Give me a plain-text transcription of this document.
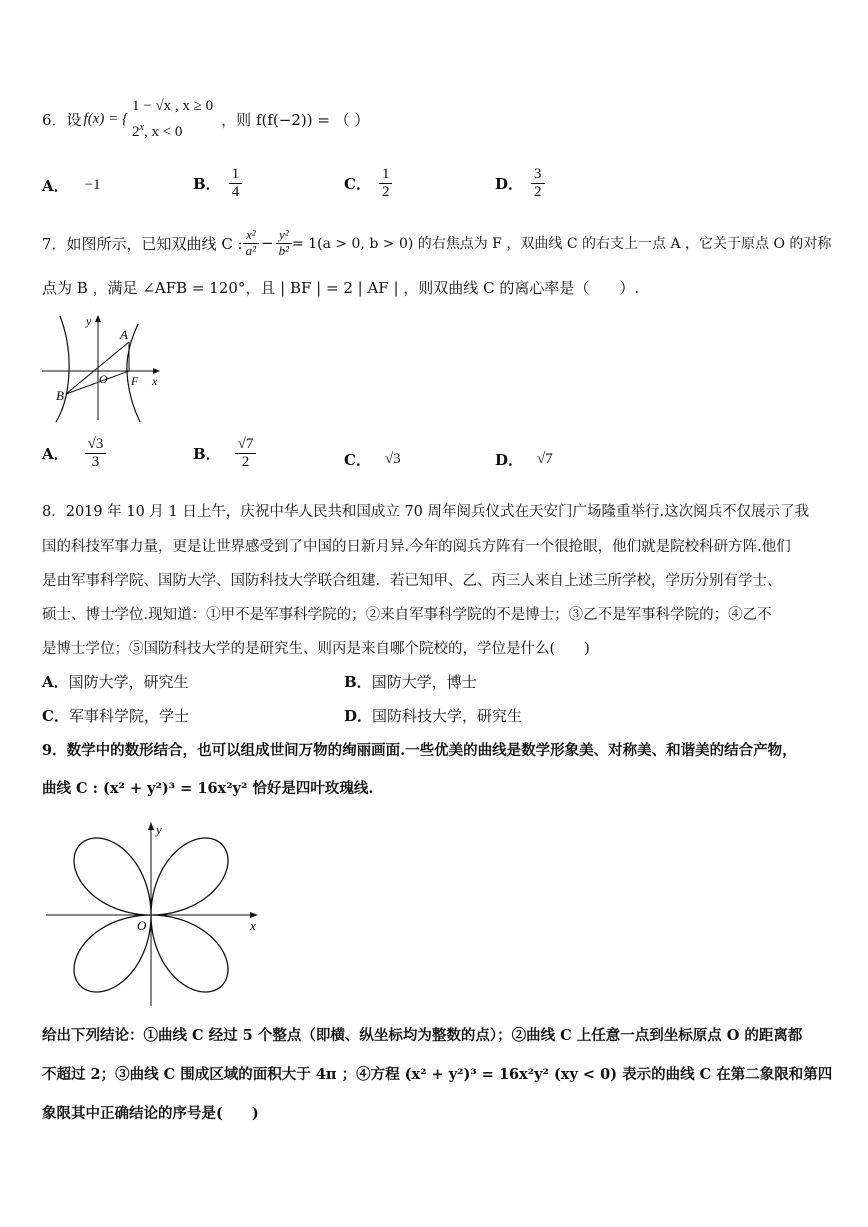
6．设 f(x) = {
1 − √x , x ≥ 0
2$^x$, x < 0
，则 f(f(−2)) = （ ）
A． −1	B． $\frac{1}{4}$	C． $\frac{1}{2}$	D． $\frac{3}{2}$
7．如图所示，已知双曲线 C : $\frac{\text{x²}}{\text{a²}} - \frac{\text{y²}}{\text{b²}} = 1(a > 0$, b > 0) 的右焦点为 F ，双曲线 C 的右支上一点 A ，它关于原点 O 的对称
点为 B ，满足 ∠AFB = 120°，且 | BF | = 2 | AF | ，则双曲线 C 的离心率是（　　）.
y
x
A
B
O F
A． $\frac{√3}{3}$	B． $\frac{√7}{2}$	C． √3	D． √7
8．2019 年 10 月 1 日上午，庆祝中华人民共和国成立 70 周年阅兵仪式在天安门广场隆重举行.这次阅兵不仅展示了我
国的科技军事力量，更是让世界感受到了中国的日新月异.今年的阅兵方阵有一个很抢眼，他们就是院校科研方阵.他们
是由军事科学院、国防大学、国防科技大学联合组建．若已知甲、乙、丙三人来自上述三所学校，学历分别有学士、
硕士、博士学位.现知道：①甲不是军事科学院的；②来自军事科学院的不是博士；③乙不是军事科学院的；④乙不
是博士学位；⑤国防科技大学的是研究生、则丙是来自哪个院校的，学位是什么(　　)
A．国防大学，研究生	B．国防大学，博士
C．军事科学院，学士	D．国防科技大学，研究生
9．数学中的数形结合，也可以组成世间万物的绚丽画面.一些优美的曲线是数学形象美、对称美、和谐美的结合产物，
曲线 C : (x² + y²)³ = 16x²y² 恰好是四叶玫瑰线.
y
x
O
给出下列结论：①曲线 C 经过 5 个整点（即横、纵坐标均为整数的点）；②曲线 C 上任意一点到坐标原点 O 的距离都
不超过 2；③曲线 C 围成区域的面积大于 4π ；④方程 (x² + y²)³ = 16x²y² (xy < 0) 表示的曲线 C 在第二象限和第四
象限其中正确结论的序号是(　　)
